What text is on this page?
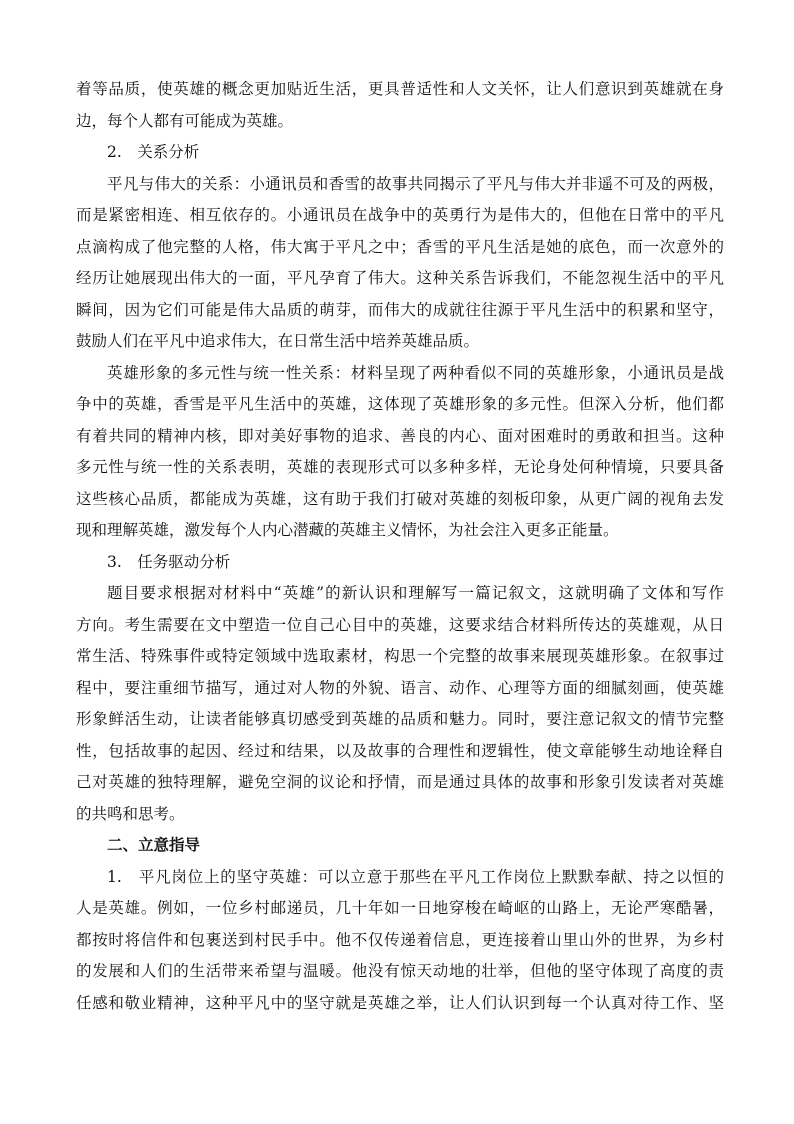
着等品质，使英雄的概念更加贴近生活，更具普适性和人文关怀，让人们意识到英雄就在身
边，每个人都有可能成为英雄。
2.　关系分析
平凡与伟大的关系：小通讯员和香雪的故事共同揭示了平凡与伟大并非遥不可及的两极，
而是紧密相连、相互依存的。小通讯员在战争中的英勇行为是伟大的，但他在日常中的平凡
点滴构成了他完整的人格，伟大寓于平凡之中；香雪的平凡生活是她的底色，而一次意外的
经历让她展现出伟大的一面，平凡孕育了伟大。这种关系告诉我们，不能忽视生活中的平凡
瞬间，因为它们可能是伟大品质的萌芽，而伟大的成就往往源于平凡生活中的积累和坚守，
鼓励人们在平凡中追求伟大，在日常生活中培养英雄品质。
英雄形象的多元性与统一性关系：材料呈现了两种看似不同的英雄形象，小通讯员是战
争中的英雄，香雪是平凡生活中的英雄，这体现了英雄形象的多元性。但深入分析，他们都
有着共同的精神内核，即对美好事物的追求、善良的内心、面对困难时的勇敢和担当。这种
多元性与统一性的关系表明，英雄的表现形式可以多种多样，无论身处何种情境，只要具备
这些核心品质，都能成为英雄，这有助于我们打破对英雄的刻板印象，从更广阔的视角去发
现和理解英雄，激发每个人内心潜藏的英雄主义情怀，为社会注入更多正能量。
3.　任务驱动分析
题目要求根据对材料中“英雄”的新认识和理解写一篇记叙文，这就明确了文体和写作
方向。考生需要在文中塑造一位自己心目中的英雄，这要求结合材料所传达的英雄观，从日
常生活、特殊事件或特定领域中选取素材，构思一个完整的故事来展现英雄形象。在叙事过
程中，要注重细节描写，通过对人物的外貌、语言、动作、心理等方面的细腻刻画，使英雄
形象鲜活生动，让读者能够真切感受到英雄的品质和魅力。同时，要注意记叙文的情节完整
性，包括故事的起因、经过和结果，以及故事的合理性和逻辑性，使文章能够生动地诠释自
己对英雄的独特理解，避免空洞的议论和抒情，而是通过具体的故事和形象引发读者对英雄
的共鸣和思考。
二、立意指导
1.　平凡岗位上的坚守英雄：可以立意于那些在平凡工作岗位上默默奉献、持之以恒的
人是英雄。例如，一位乡村邮递员，几十年如一日地穿梭在崎岖的山路上，无论严寒酷暑，
都按时将信件和包裹送到村民手中。他不仅传递着信息，更连接着山里山外的世界，为乡村
的发展和人们的生活带来希望与温暖。他没有惊天动地的壮举，但他的坚守体现了高度的责
任感和敬业精神，这种平凡中的坚守就是英雄之举，让人们认识到每一个认真对待工作、坚
